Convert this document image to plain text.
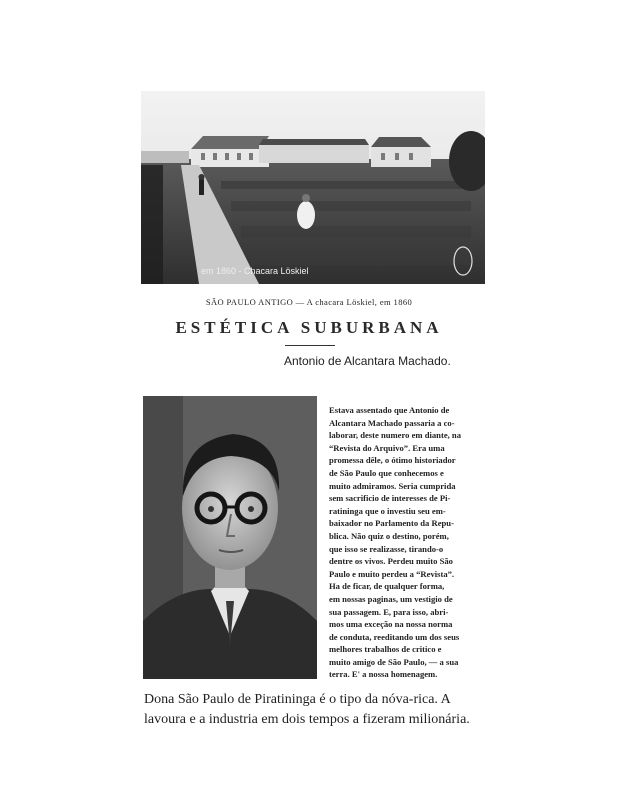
em 1860 - Chacara Löskiel
SÃO PAULO ANTIGO — A chacara Löskiel, em 1860
ESTÉTICA SUBURBANA
Antonio de Alcantara Machado.
Estava assentado que Antonio de
Alcantara Machado passaria a co-
laborar, deste numero em diante, na
“Revista do Arquivo”. Era uma
promessa dêle, o ótimo historiador
de São Paulo que conhecemos e
muito admiramos. Seria cumprida
sem sacrificio de interesses de Pi-
ratininga que o investiu seu em-
baixador no Parlamento da Repu-
blica. Não quiz o destino, porém,
que isso se realizasse, tirando-o
dentre os vivos. Perdeu muito São
Paulo e muito perdeu a “Revista”.
Ha de ficar, de qualquer forma,
em nossas paginas, um vestigio de
sua passagem. E, para isso, abri-
mos uma exceção na nossa norma
de conduta, reeditando um dos seus
melhores trabalhos de critico e
muito amigo de São Paulo, — a sua
terra. E' a nossa homenagem.
Dona São Paulo de Piratininga é o tipo da nóva-rica. A
lavoura e a industria em dois tempos a fizeram milionária.
